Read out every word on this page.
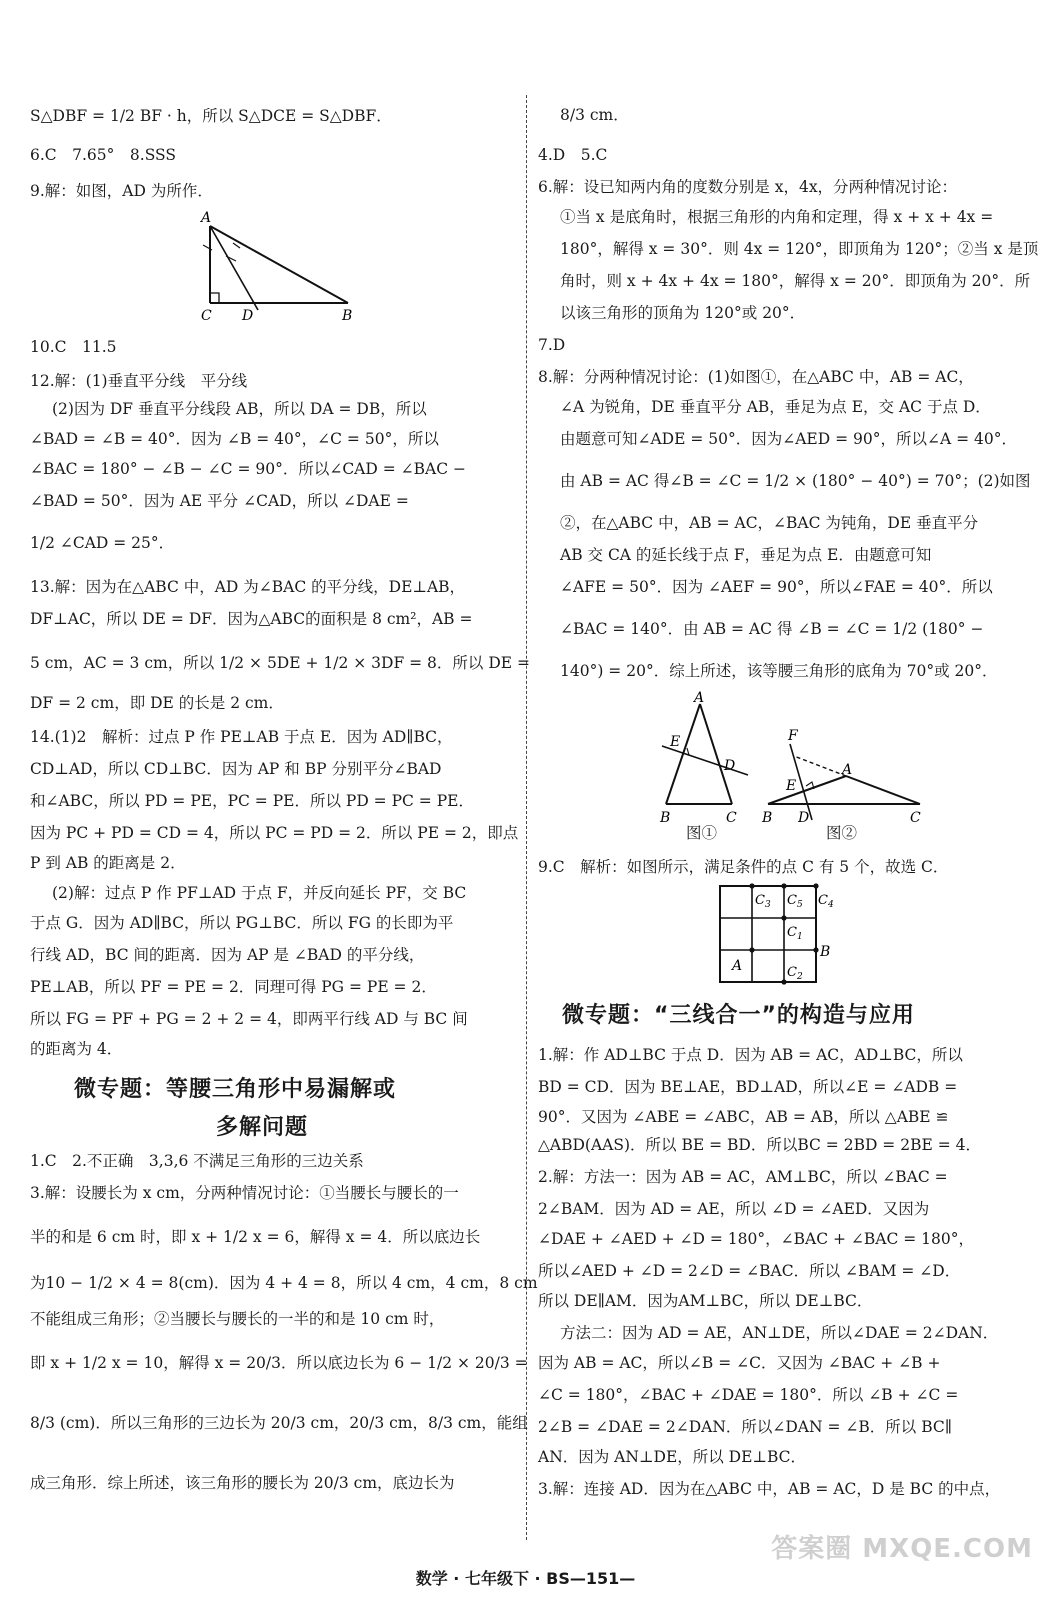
S△DBF = 1/2 BF · h，所以 S△DCE = S△DBF．
6.C　7.65°　8.SSS
9.解：如图，AD 为所作．
A
C D	B
10.C　11.5
12.解：(1)垂直平分线　平分线
(2)因为 DF 垂直平分线段 AB，所以 DA = DB，所以
∠BAD = ∠B = 40°．因为 ∠B = 40°，∠C = 50°，所以
∠BAC = 180° − ∠B − ∠C = 90°．所以∠CAD = ∠BAC −
∠BAD = 50°．因为 AE 平分 ∠CAD，所以 ∠DAE =
1/2 ∠CAD = 25°．
13.解：因为在△ABC 中，AD 为∠BAC 的平分线，DE⊥AB，
DF⊥AC，所以 DE = DF．因为△ABC的面积是 8 cm²，AB =
5 cm，AC = 3 cm，所以 1/2 × 5DE + 1/2 × 3DF = 8．所以 DE =
DF = 2 cm，即 DE 的长是 2 cm．
14.(1)2　解析：过点 P 作 PE⊥AB 于点 E．因为 AD∥BC，
CD⊥AD，所以 CD⊥BC．因为 AP 和 BP 分别平分∠BAD
和∠ABC，所以 PD = PE，PC = PE．所以 PD = PC = PE．
因为 PC + PD = CD = 4，所以 PC = PD = 2．所以 PE = 2，即点
P 到 AB 的距离是 2．
(2)解：过点 P 作 PF⊥AD 于点 F，并反向延长 PF，交 BC
于点 G．因为 AD∥BC，所以 PG⊥BC．所以 FG 的长即为平
行线 AD，BC 间的距离．因为 AP 是 ∠BAD 的平分线，
PE⊥AB，所以 PF = PE = 2．同理可得 PG = PE = 2．
所以 FG = PF + PG = 2 + 2 = 4，即两平行线 AD 与 BC 间
的距离为 4．
微专题：等腰三角形中易漏解或
多解问题
1.C　2.不正确　3,3,6 不满足三角形的三边关系
3.解：设腰长为 x cm，分两种情况讨论：①当腰长与腰长的一
半的和是 6 cm 时，即 x + 1/2 x = 6，解得 x = 4．所以底边长
为10 − 1/2 × 4 = 8(cm)．因为 4 + 4 = 8，所以 4 cm，4 cm，8 cm
不能组成三角形；②当腰长与腰长的一半的和是 10 cm 时，
即 x + 1/2 x = 10，解得 x = 20/3．所以底边长为 6 − 1/2 × 20/3 =
8/3 (cm)．所以三角形的三边长为 20/3 cm，20/3 cm，8/3 cm，能组
成三角形．综上所述，该三角形的腰长为 20/3 cm，底边长为
8/3 cm．
4.D　5.C
6.解：设已知两内角的度数分别是 x，4x，分两种情况讨论：
①当 x 是底角时，根据三角形的内角和定理，得 x + x + 4x =
180°，解得 x = 30°．则 4x = 120°，即顶角为 120°；②当 x 是顶
角时，则 x + 4x + 4x = 180°，解得 x = 20°．即顶角为 20°．所
以该三角形的顶角为 120°或 20°．
7.D
8.解：分两种情况讨论：(1)如图①，在△ABC 中，AB = AC，
∠A 为锐角，DE 垂直平分 AB，垂足为点 E，交 AC 于点 D．
由题意可知∠ADE = 50°．因为∠AED = 90°，所以∠A = 40°．
由 AB = AC 得∠B = ∠C = 1/2 × (180° − 40°) = 70°；(2)如图
②，在△ABC 中，AB = AC，∠BAC 为钝角，DE 垂直平分
AB 交 CA 的延长线于点 F，垂足为点 E．由题意可知
∠AFE = 50°．因为 ∠AEF = 90°，所以∠FAE = 40°．所以
∠BAC = 140°．由 AB = AC 得 ∠B = ∠C = 1/2 (180° −
140°) = 20°．综上所述，该等腰三角形的底角为 70°或 20°．
A
E
D
B	C
图①
F
A
E
B D	C
图②
9.C　解析：如图所示，满足条件的点 C 有 5 个，故选 C．
$C_3$ $C_5$ $C_4$
$C_1$
$C_2$
B
A
微专题：“三线合一”的构造与应用
1.解：作 AD⊥BC 于点 D．因为 AB = AC，AD⊥BC，所以
BD = CD．因为 BE⊥AE，BD⊥AD，所以∠E = ∠ADB =
90°．又因为 ∠ABE = ∠ABC，AB = AB，所以 △ABE ≌
△ABD(AAS)．所以 BE = BD．所以BC = 2BD = 2BE = 4．
2.解：方法一：因为 AB = AC，AM⊥BC，所以 ∠BAC =
2∠BAM．因为 AD = AE，所以 ∠D = ∠AED．又因为
∠DAE + ∠AED + ∠D = 180°，∠BAC + ∠BAC = 180°，
所以∠AED + ∠D = 2∠D = ∠BAC．所以 ∠BAM = ∠D．
所以 DE∥AM．因为AM⊥BC，所以 DE⊥BC．
方法二：因为 AD = AE，AN⊥DE，所以∠DAE = 2∠DAN．
因为 AB = AC，所以∠B = ∠C．又因为 ∠BAC + ∠B +
∠C = 180°，∠BAC + ∠DAE = 180°．所以 ∠B + ∠C =
2∠B = ∠DAE = 2∠DAN．所以∠DAN = ∠B．所以 BC∥
AN．因为 AN⊥DE，所以 DE⊥BC．
3.解：连接 AD．因为在△ABC 中，AB = AC，D 是 BC 的中点，
答案圈 MXQE.COM
数学 · 七年级下 · BS—151—
